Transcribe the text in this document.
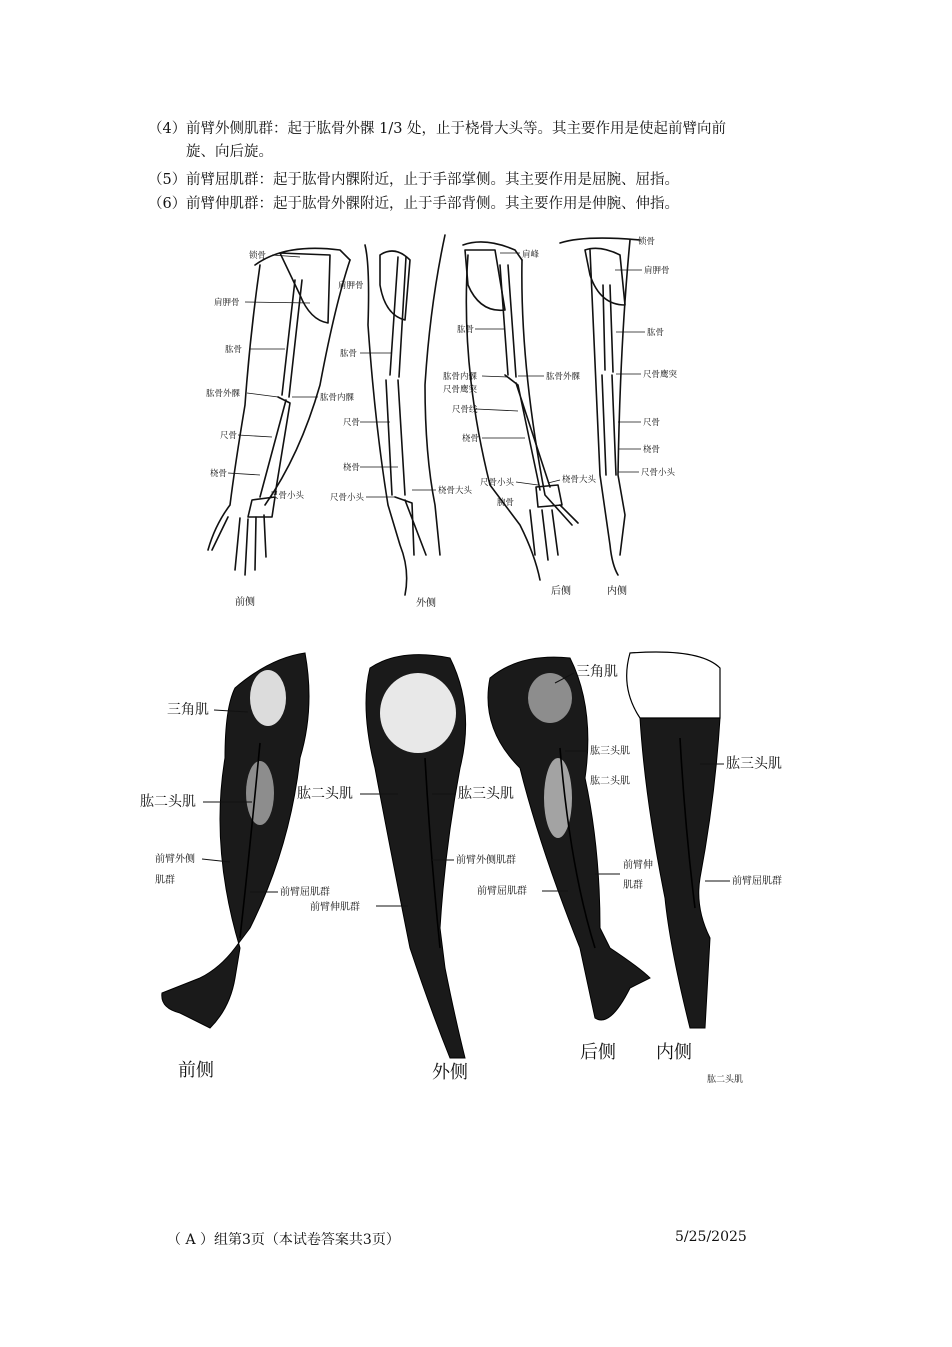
（4）前臂外侧肌群：起于肱骨外髁 1/3 处，止于桡骨大头等。其主要作用是使起前臂向前
旋、向后旋。
（5）前臂屈肌群：起于肱骨内髁附近，止于手部掌侧。其主要作用是屈腕、屈指。
（6）前臂伸肌群：起于肱骨外髁附近，止于手部背侧。其主要作用是伸腕、伸指。
锁骨
肩胛骨
肱骨
肱骨外髁	肱骨内髁
尺骨
桡骨
尺骨小头
肩胛骨
肱骨
尺骨
桡骨
尺骨小头
桡骨大头
肩峰
肱骨
肱骨内髁
尺骨鹰突
尺骨线
桡骨
肱骨外髁
尺骨小头
腕骨
桡骨大头
锁骨
肩胛骨
肱骨
尺骨鹰突
尺骨
桡骨
尺骨小头
前侧	外侧
后侧	内侧
三角肌
肱二头肌
前臂外侧
肌群
前臂屈肌群
肱二头肌	肱三头肌
前臂外侧肌群
前臂伸肌群
三角肌
肱三头肌
肱二头肌
前臂屈肌群
前臂伸
肌群
肱三头肌
前臂屈肌群
肱二头肌
前侧	外侧
后侧 内侧
（ A ）组第3页（本试卷答案共3页）	5/25/2025
